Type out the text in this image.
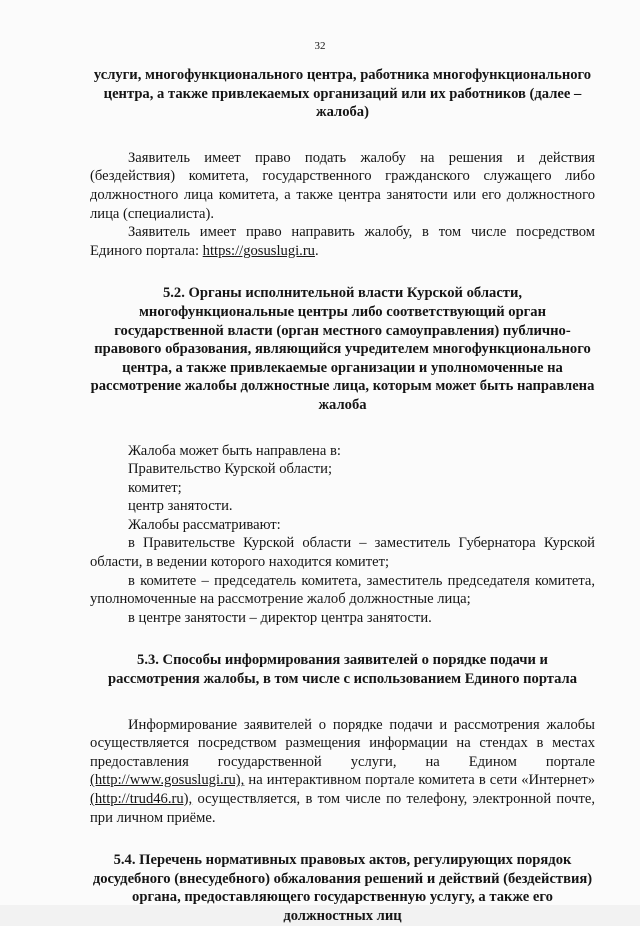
32

услуги, многофункционального центра, работника многофункционального центра, а также привлекаемых организаций или их работников (далее – жалоба)

Заявитель имеет право подать жалобу на решения и действия (бездействия) комитета, государственного гражданского служащего либо должностного лица комитета, а также центра занятости или его должностного лица (специалиста).

Заявитель имеет право направить жалобу, в том числе посредством Единого портала: https://gosuslugi.ru.

5.2. Органы исполнительной власти Курской области, многофункциональные центры либо соответствующий орган государственной власти (орган местного самоуправления) публично-правового образования, являющийся учредителем многофункционального центра, а также привлекаемые организации и уполномоченные на рассмотрение жалобы должностные лица, которым может быть направлена жалоба

Жалоба может быть направлена в:

Правительство Курской области;

комитет;

центр занятости.

Жалобы рассматривают:

в Правительстве Курской области – заместитель Губернатора Курской области, в ведении которого находится комитет;

в комитете – председатель комитета, заместитель председателя комитета, уполномоченные на рассмотрение жалоб должностные лица;

в центре занятости – директор центра занятости.

5.3. Способы информирования заявителей о порядке подачи и рассмотрения жалобы, в том числе с использованием Единого портала

Информирование заявителей о порядке подачи и рассмотрения жалобы осуществляется посредством размещения информации на стендах в местах предоставления государственной услуги, на Едином портале (http://www.gosuslugi.ru), на интерактивном портале комитета в сети «Интернет» (http://trud46.ru), осуществляется, в том числе по телефону, электронной почте, при личном приёме.

5.4. Перечень нормативных правовых актов, регулирующих порядок досудебного (внесудебного) обжалования решений и действий (бездействия) органа, предоставляющего государственную услугу, а также его должностных лиц
